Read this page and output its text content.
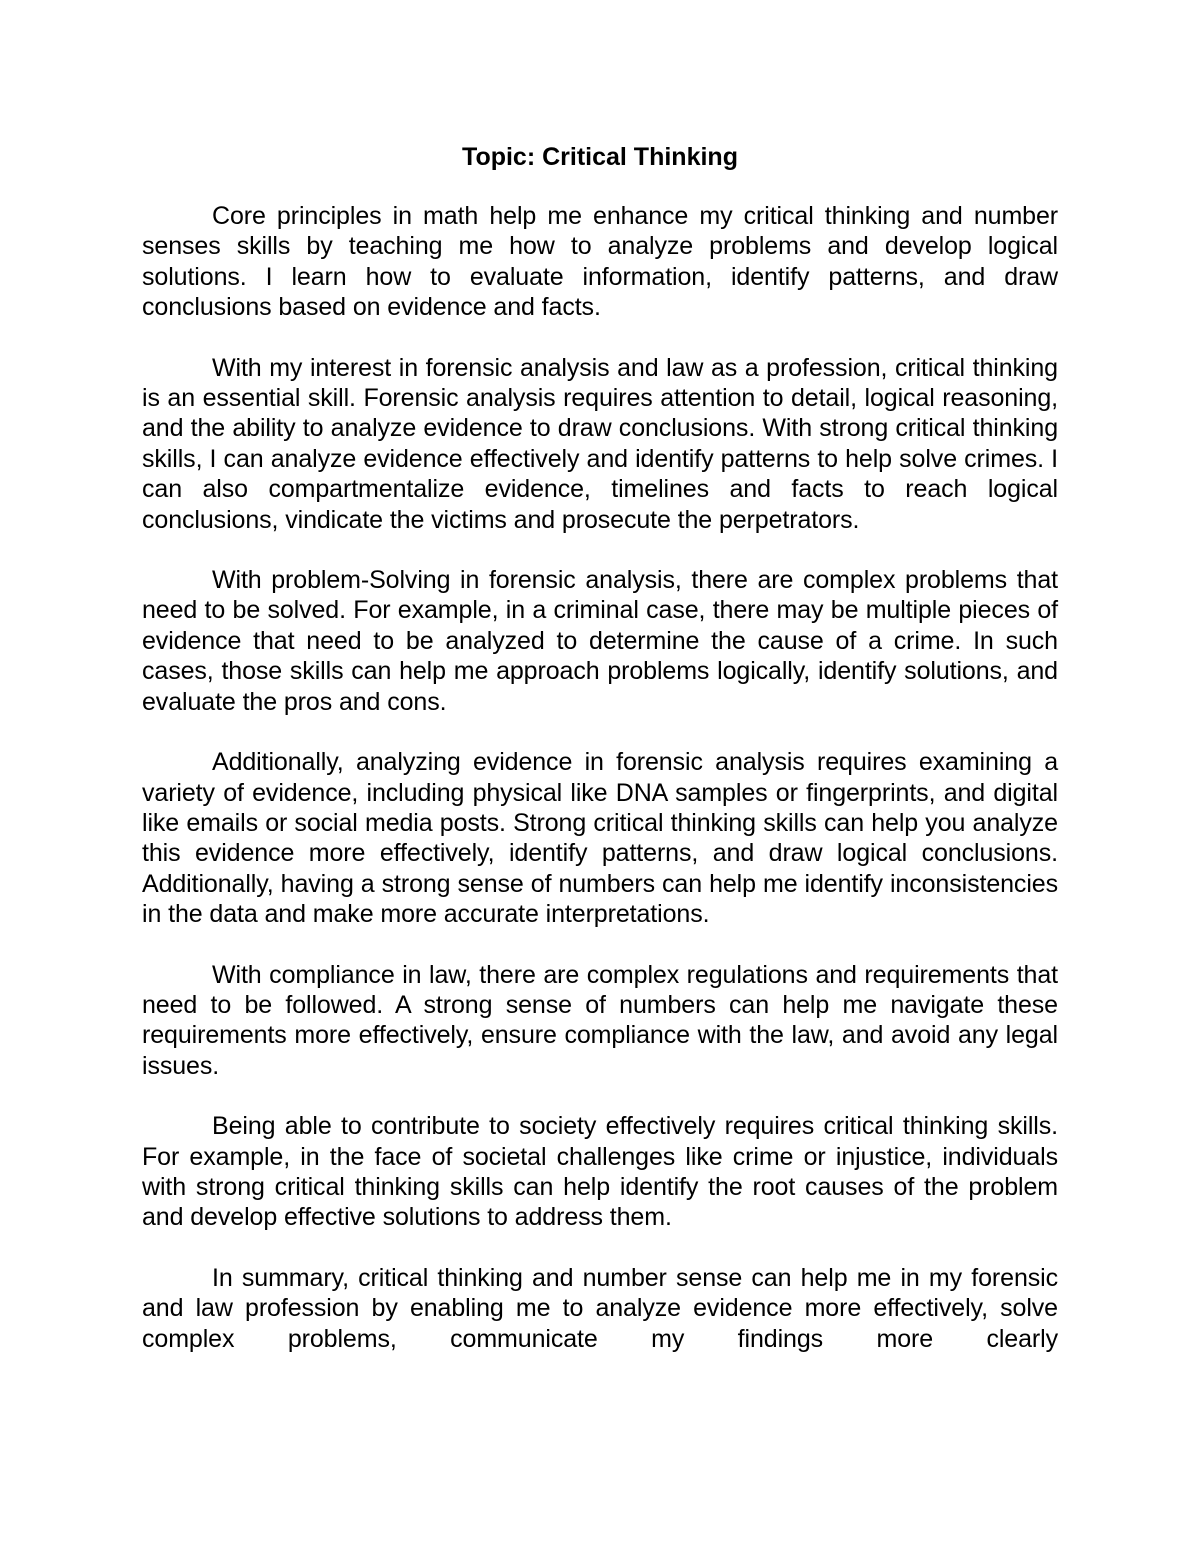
Topic: Critical Thinking

Core principles in math help me enhance my critical thinking and number senses skills by teaching me how to analyze problems and develop logical solutions. I learn how to evaluate information, identify patterns, and draw conclusions based on evidence and facts.

With my interest in forensic analysis and law as a profession, critical thinking is an essential skill. Forensic analysis requires attention to detail, logical reasoning, and the ability to analyze evidence to draw conclusions. With strong critical thinking skills, I can analyze evidence effectively and identify patterns to help solve crimes. I can also compartmentalize evidence, timelines and facts to reach logical conclusions, vindicate the victims and prosecute the perpetrators.

With problem-Solving in forensic analysis, there are complex problems that need to be solved. For example, in a criminal case, there may be multiple pieces of evidence that need to be analyzed to determine the cause of a crime. In such cases, those skills can help me approach problems logically, identify solutions, and evaluate the pros and cons.

Additionally, analyzing evidence in forensic analysis requires examining a variety of evidence, including physical like DNA samples or fingerprints, and digital like emails or social media posts. Strong critical thinking skills can help you analyze this evidence more effectively, identify patterns, and draw logical conclusions. Additionally, having a strong sense of numbers can help me identify inconsistencies in the data and make more accurate interpretations.

With compliance in law, there are complex regulations and requirements that need to be followed. A strong sense of numbers can help me navigate these requirements more effectively, ensure compliance with the law, and avoid any legal issues.

Being able to contribute to society effectively requires critical thinking skills. For example, in the face of societal challenges like crime or injustice, individuals with strong critical thinking skills can help identify the root causes of the problem and develop effective solutions to address them.

In summary, critical thinking and number sense can help me in my forensic and law profession by enabling me to analyze evidence more effectively, solve complex problems, communicate my findings more clearly
